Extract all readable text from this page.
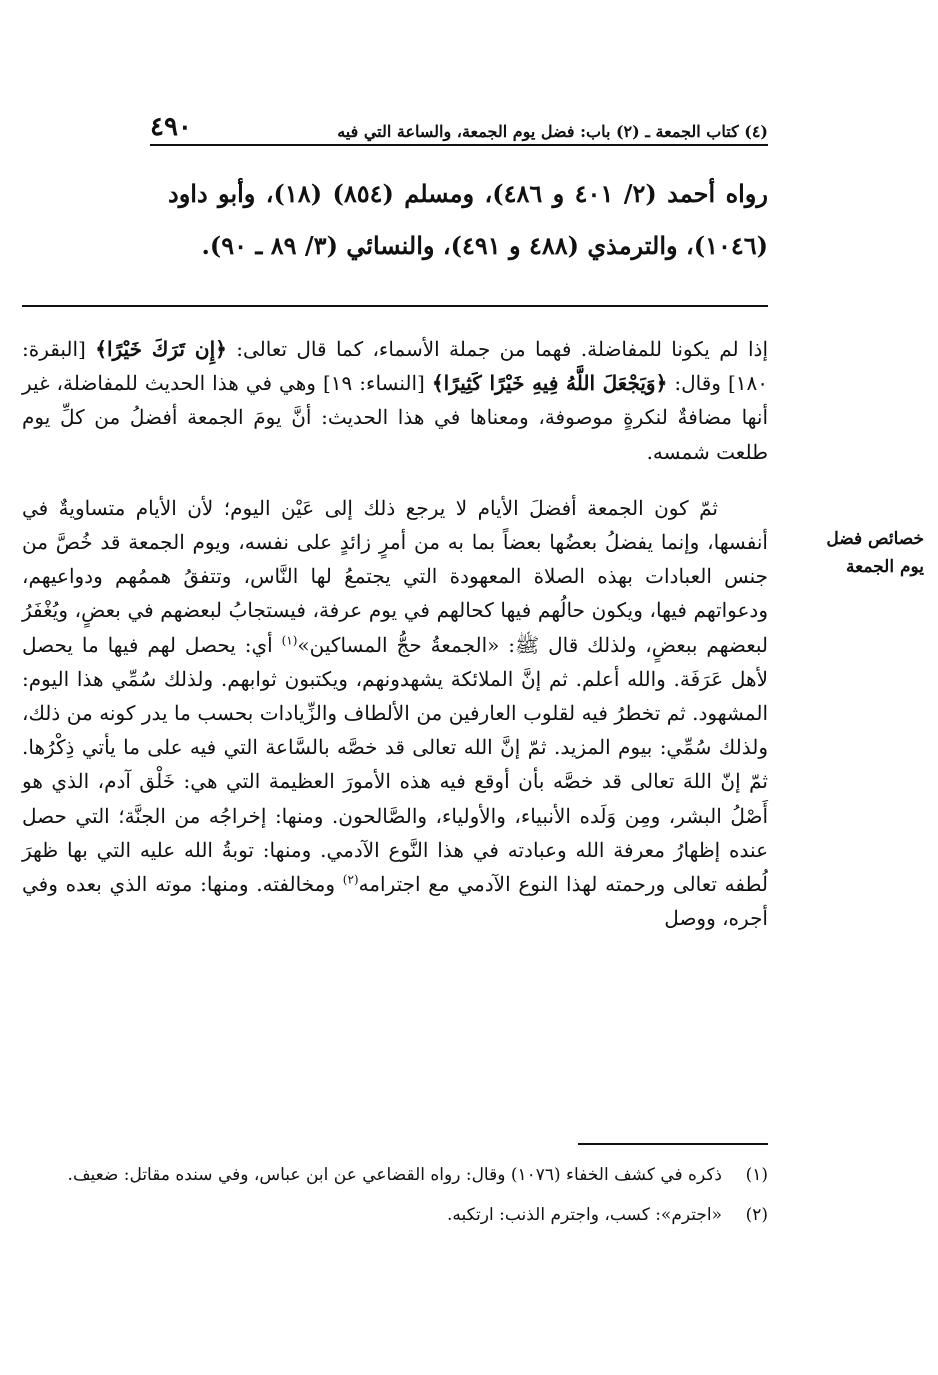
(٤) كتاب الجمعة ـ (٢) باب: فضل يوم الجمعة، والساعة التي فيه
٤٩٠

رواه أحمد (٢/ ٤٠١ و ٤٨٦)، ومسلم (٨٥٤) (١٨)، وأبو داود (١٠٤٦)، والترمذي (٤٨٨ و ٤٩١)، والنسائي (٣/ ٨٩ ـ ٩٠).

إذا لم يكونا للمفاضلة. فهما من جملة الأسماء، كما قال تعالى: ﴿إِن تَرَكَ خَيْرًا﴾ [البقرة: ١٨٠] وقال: ﴿وَيَجْعَلَ اللَّهُ فِيهِ خَيْرًا كَثِيرًا﴾ [النساء: ١٩] وهي في هذا الحديث للمفاضلة، غير أنها مضافةٌ لنكرةٍ موصوفة، ومعناها في هذا الحديث: أنَّ يومَ الجمعة أفضلُ من كلِّ يوم طلعت شمسه.

ثمّ كون الجمعة أفضلَ الأيام لا يرجع ذلك إلى عَيْن اليوم؛ لأن الأيام متساويةٌ في أنفسها، وإنما يفضلُ بعضُها بعضاً بما به من أمرٍ زائدٍ على نفسه، ويوم الجمعة قد خُصَّ من جنس العبادات بهذه الصلاة المعهودة التي يجتمعُ لها النَّاس، وتتفقُ هممُهم ودواعيهم، ودعواتهم فيها، ويكون حالُهم فيها كحالهم في يوم عرفة، فيستجابُ لبعضهم في بعضٍ، ويُغْفَرُ لبعضهم ببعضٍ، ولذلك قال ﷺ: «الجمعةُ حجُّ المساكين»$^{(١)}$ أي: يحصل لهم فيها ما يحصل لأهل عَرَفَة. والله أعلم. ثم إنَّ الملائكة يشهدونهم، ويكتبون ثوابهم. ولذلك سُمِّي هذا اليوم: المشهود. ثم تخطرُ فيه لقلوب العارفين من الألطاف والزِّيادات بحسب ما يدر كونه من ذلك، ولذلك سُمِّي: بيوم المزيد. ثمّ إنَّ الله تعالى قد خصَّه بالسَّاعة التي فيه على ما يأتي ذِكْرُها. ثمّ إنّ اللهَ تعالى قد خصَّه بأن أوقع فيه هذه الأمورَ العظيمة التي هي: خَلْق آدم، الذي هو أَصْلُ البشر، ومِن وَلَده الأنبياء، والأولياء، والصَّالحون. ومنها: إخراجُه من الجنَّة؛ التي حصل عنده إظهارُ معرفة الله وعبادته في هذا النَّوع الآدمي. ومنها: توبةُ الله عليه التي بها ظهرَ لُطفه تعالى ورحمته لهذا النوع الآدمي مع اجترامه$^{(٢)}$ ومخالفته. ومنها: موته الذي بعده وفي أجره، ووصل

خصائص فضل
يوم الجمعة

(١)ذكره في كشف الخفاء (١٠٧٦) وقال: رواه القضاعي عن ابن عباس، وفي سنده مقاتل: ضعيف.

(٢)«اجترم»: كسب، واجترم الذنب: ارتكبه.
